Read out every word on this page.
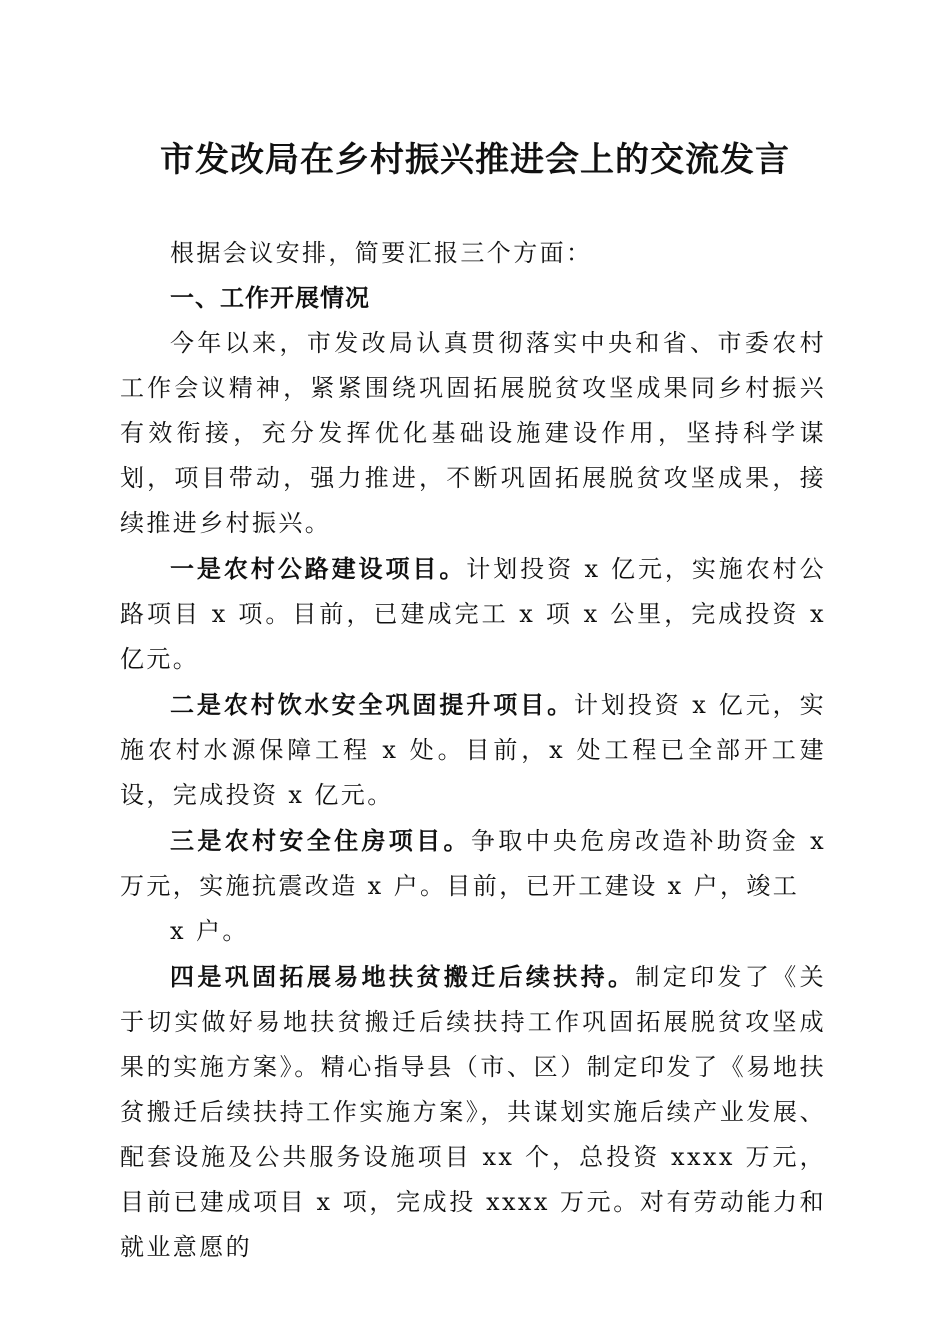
市发改局在乡村振兴推进会上的交流发言

根据会议安排，简要汇报三个方面：

一、工作开展情况

今年以来，市发改局认真贯彻落实中央和省、市委农村工作会议精神，紧紧围绕巩固拓展脱贫攻坚成果同乡村振兴有效衔接，充分发挥优化基础设施建设作用，坚持科学谋划，项目带动，强力推进，不断巩固拓展脱贫攻坚成果，接续推进乡村振兴。

一是农村公路建设项目。计划投资 x 亿元，实施农村公路项目 x 项。目前，已建成完工 x 项 x 公里，完成投资 x 亿元。

二是农村饮水安全巩固提升项目。计划投资 x 亿元，实施农村水源保障工程 x 处。目前，x 处工程已全部开工建设，完成投资 x 亿元。

三是农村安全住房项目。争取中央危房改造补助资金 x 万元，实施抗震改造 x 户。目前，已开工建设 x 户，竣工

x 户。

四是巩固拓展易地扶贫搬迁后续扶持。制定印发了《关于切实做好易地扶贫搬迁后续扶持工作巩固拓展脱贫攻坚成果的实施方案》。精心指导县（市、区）制定印发了《易地扶贫搬迁后续扶持工作实施方案》，共谋划实施后续产业发展、配套设施及公共服务设施项目 xx 个，总投资 xxxx 万元，目前已建成项目 x 项，完成投 xxxx 万元。对有劳动能力和就业意愿的
